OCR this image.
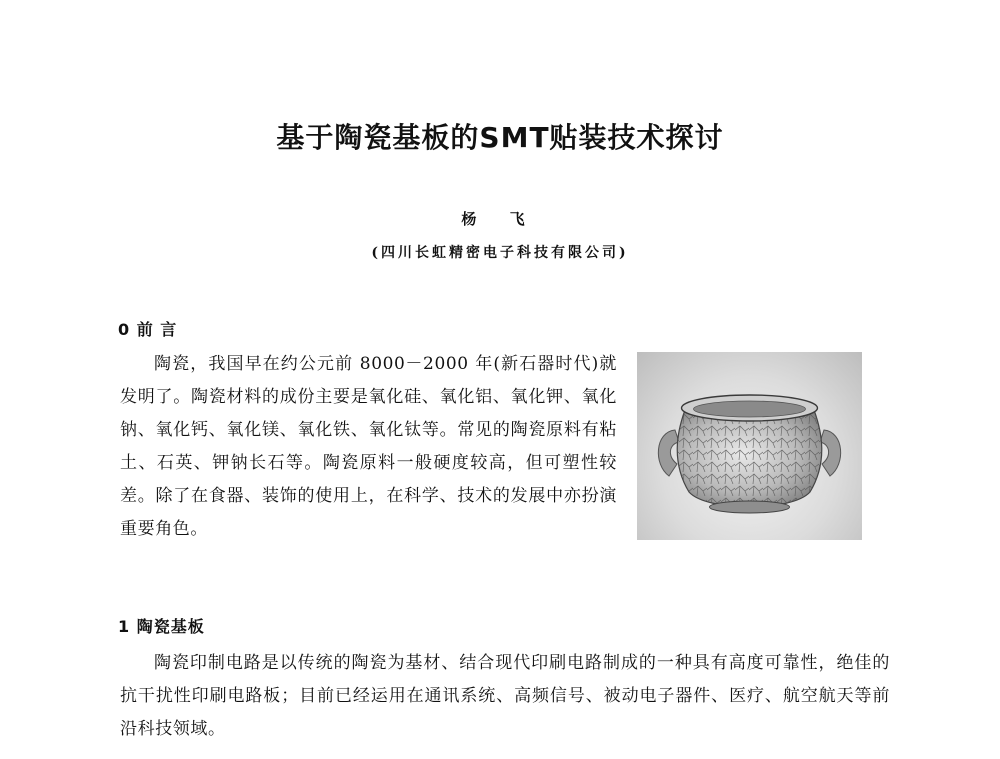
基于陶瓷基板的SMT贴装技术探讨
杨 飞
(四川长虹精密电子科技有限公司)
0 前 言

陶瓷，我国早在约公元前 8000－2000 年(新石器时代)就发明了。陶瓷材料的成份主要是氧化硅、氧化铝、氧化钾、氧化钠、氧化钙、氧化镁、氧化铁、氧化钛等。常见的陶瓷原料有粘土、石英、钾钠长石等。陶瓷原料一般硬度较高，但可塑性较差。除了在食器、装饰的使用上，在科学、技术的发展中亦扮演重要角色。

1 陶瓷基板

陶瓷印制电路是以传统的陶瓷为基材、结合现代印刷电路制成的一种具有高度可靠性，绝佳的抗干扰性印刷电路板；目前已经运用在通讯系统、高频信号、被动电子器件、医疗、航空航天等前沿科技领域。
